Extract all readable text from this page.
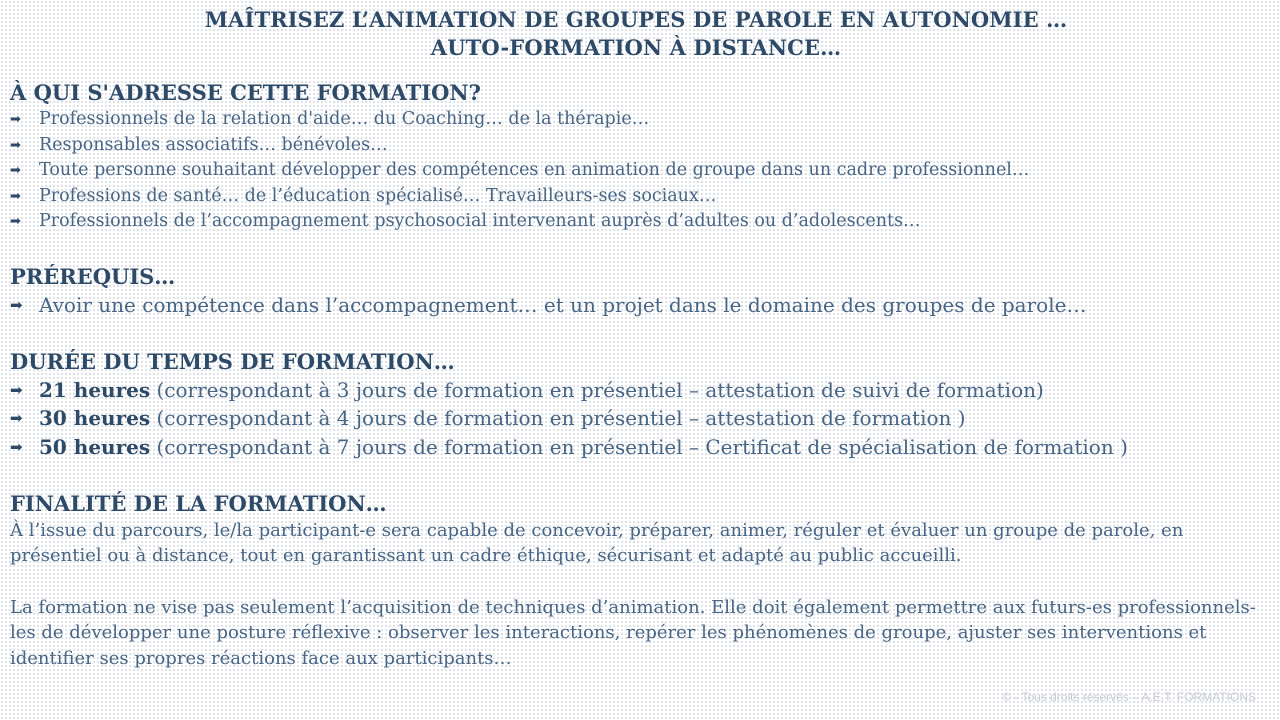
MAÎTRISEZ L’ANIMATION DE GROUPES DE PAROLE EN AUTONOMIE …
AUTO-FORMATION À DISTANCE…
À QUI S'ADRESSE CETTE FORMATION?
➡ Professionnels de la relation d'aide… du Coaching… de la thérapie…
➡ Responsables associatifs… bénévoles…
➡ Toute personne souhaitant développer des compétences en animation de groupe dans un cadre professionnel…
➡ Professions de santé… de l’éducation spécialisé… Travailleurs-ses sociaux…
➡ Professionnels de l’accompagnement psychosocial intervenant auprès d’adultes ou d’adolescents…
PRÉREQUIS…
➡ Avoir une compétence dans l’accompagnement… et un projet dans le domaine des groupes de parole…
DURÉE DU TEMPS DE FORMATION…
➡ 21 heures (correspondant à 3 jours de formation en présentiel – attestation de suivi de formation)
➡ 30 heures (correspondant à 4 jours de formation en présentiel – attestation de formation )
➡ 50 heures (correspondant à 7 jours de formation en présentiel – Certificat de spécialisation de formation )
FINALITÉ DE LA FORMATION…

À l’issue du parcours, le/la participant-e sera capable de concevoir, préparer, animer, réguler et évaluer un groupe de parole, en présentiel ou à distance, tout en garantissant un cadre éthique, sécurisant et adapté au public accueilli.

La formation ne vise pas seulement l’acquisition de techniques d’animation. Elle doit également permettre aux futurs-es professionnels-les de développer une posture réflexive : observer les interactions, repérer les phénomènes de groupe, ajuster ses interventions et identifier ses propres réactions face aux participants…

© - Tous droits réservés – A.E.T. FORMATIONS
